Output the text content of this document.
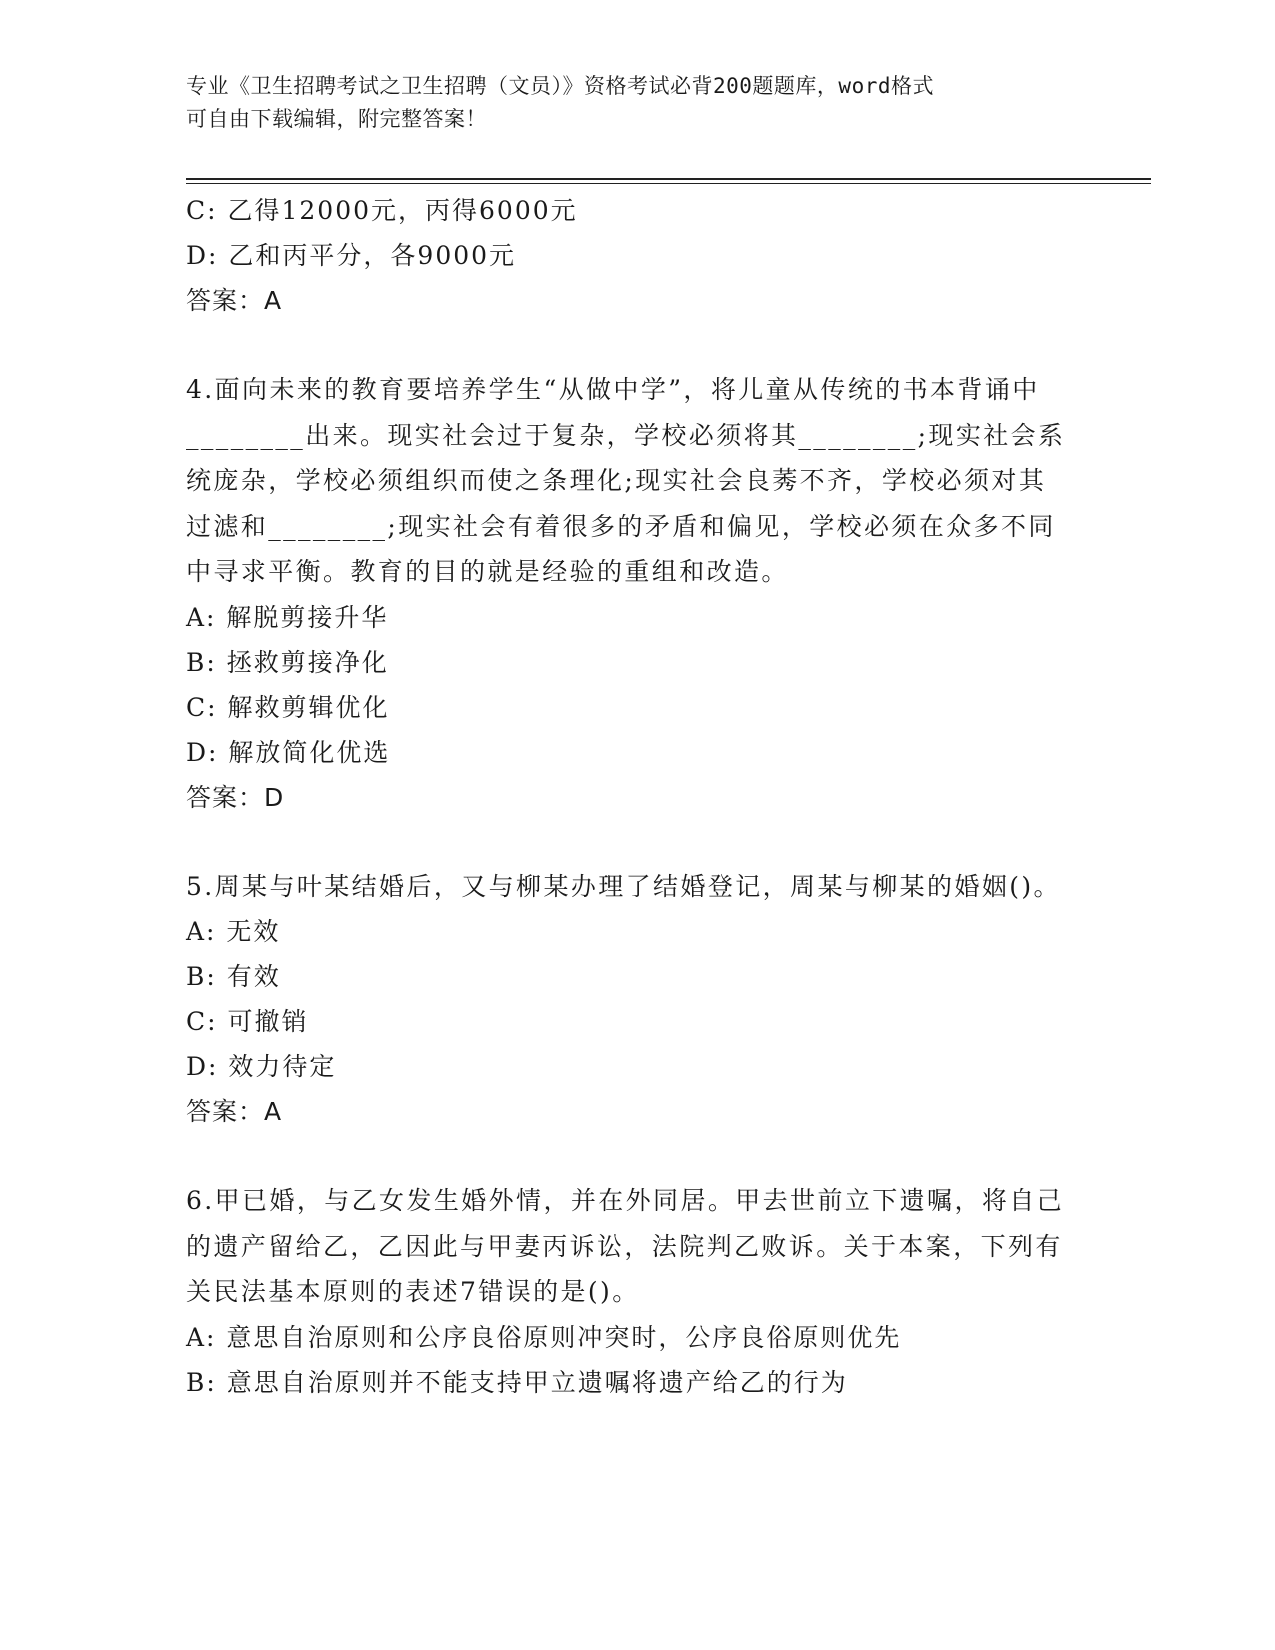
专业《卫生招聘考试之卫生招聘（文员）》资格考试必背200题题库，word格式
可自由下载编辑，附完整答案！
C: 乙得12000元，丙得6000元
D: 乙和丙平分，各9000元
答案：A
4.面向未来的教育要培养学生“从做中学”，将儿童从传统的书本背诵中________出来。现实社会过于复杂，学校必须将其________;现实社会系统庞杂，学校必须组织而使之条理化;现实社会良莠不齐，学校必须对其过滤和________;现实社会有着很多的矛盾和偏见，学校必须在众多不同中寻求平衡。教育的目的就是经验的重组和改造。
A: 解脱剪接升华
B: 拯救剪接净化
C: 解救剪辑优化
D: 解放简化优选
答案：D
5.周某与叶某结婚后，又与柳某办理了结婚登记，周某与柳某的婚姻()。
A: 无效
B: 有效
C: 可撤销
D: 效力待定
答案：A
6.甲已婚，与乙女发生婚外情，并在外同居。甲去世前立下遗嘱，将自己的遗产留给乙，乙因此与甲妻丙诉讼，法院判乙败诉。关于本案，下列有关民法基本原则的表述7错误的是()。
A: 意思自治原则和公序良俗原则冲突时，公序良俗原则优先
B: 意思自治原则并不能支持甲立遗嘱将遗产给乙的行为
